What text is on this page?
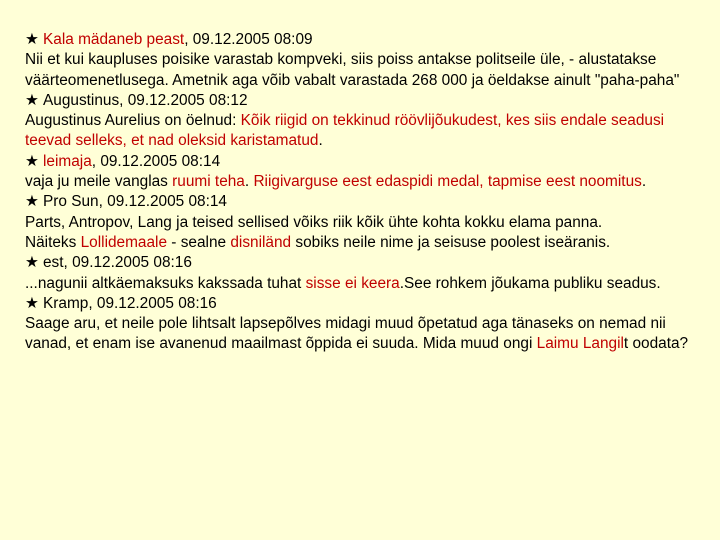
★ Kala mädaneb peast, 09.12.2005 08:09

Nii et kui kaupluses poisike varastab kompveki, siis poiss antakse politseile üle, - alustatakse väärteomenetlusega. Ametnik aga võib vabalt varastada 268 000 ja öeldakse ainult "paha-paha"

★ Augustinus, 09.12.2005 08:12

Augustinus Aurelius on öelnud: Kõik riigid on tekkinud röövlijõukudest, kes siis endale seadusi teevad selleks, et nad oleksid karistamatud.

★ leimaja, 09.12.2005 08:14

vaja ju meile vanglas ruumi teha. Riigivarguse eest edaspidi medal, tapmise eest noomitus.

★ Pro Sun, 09.12.2005 08:14

Parts, Antropov, Lang ja teised sellised võiks riik kõik ühte kohta kokku elama panna.

Näiteks Lollidemaale - sealne disniländ sobiks neile nime ja seisuse poolest iseäranis.

★ est, 09.12.2005 08:16

...nagunii altkäemaksuks kakssada tuhat sisse ei keera.See rohkem jõukama publiku seadus.

★ Kramp, 09.12.2005 08:16

Saage aru, et neile pole lihtsalt lapsepõlves midagi muud õpetatud aga tänaseks on nemad nii vanad, et enam ise avanenud maailmast õppida ei suuda. Mida muud ongi Laimu Langilt oodata?
